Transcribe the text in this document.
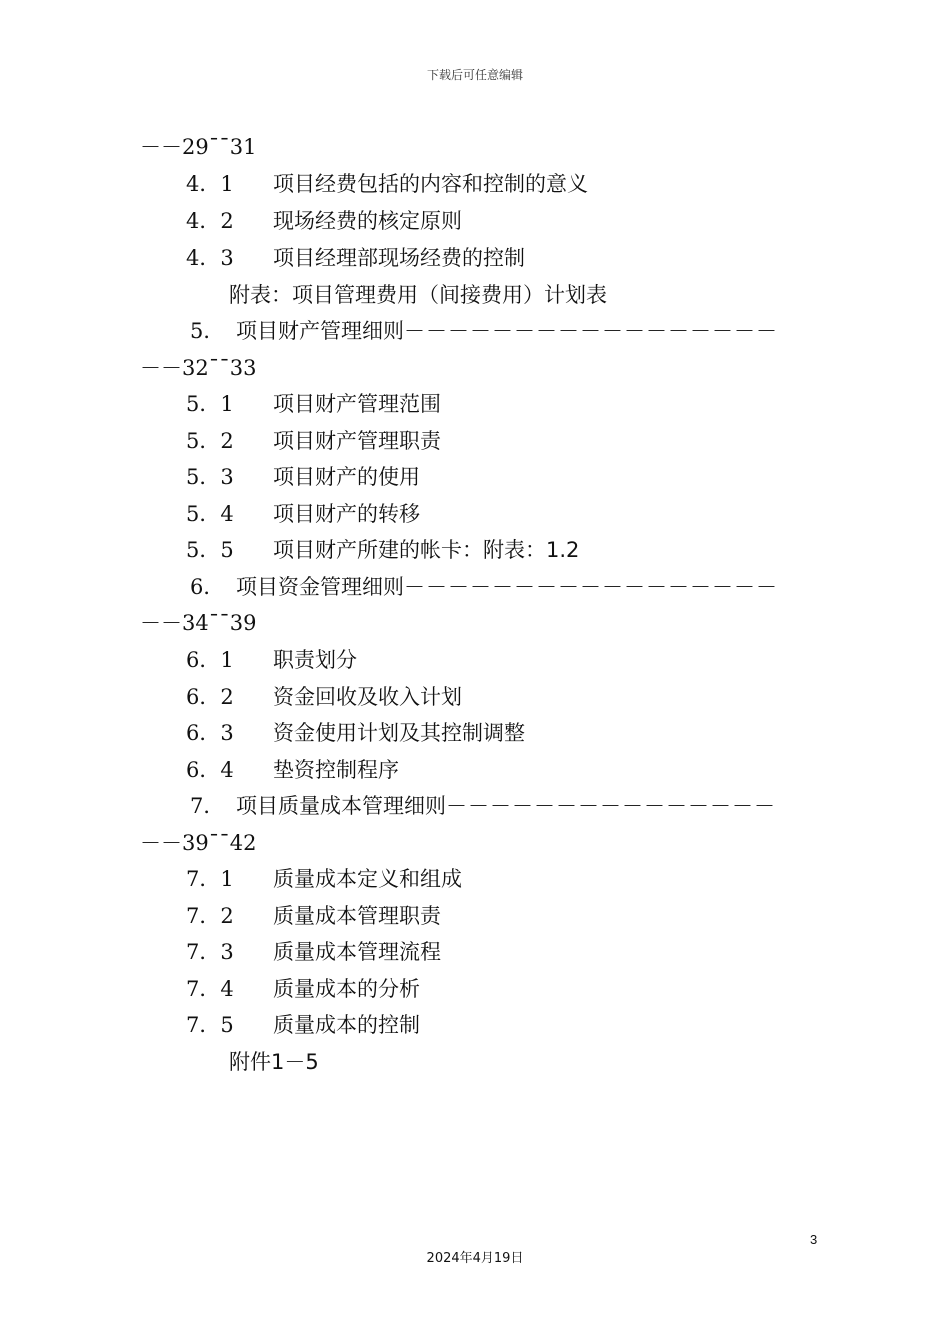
下载后可任意编辑
－－29¯¯31
4．1 项目经费包括的内容和控制的意义
4．2 现场经费的核定原则
4．3 项目经理部现场经费的控制
附表：项目管理费用（间接费用）计划表
5． 项目财产管理细则－－－－－－－－－－－－－－－－－
－－32¯¯33
5．1 项目财产管理范围
5．2 项目财产管理职责
5．3 项目财产的使用
5．4 项目财产的转移
5．5 项目财产所建的帐卡：附表：1.2
6． 项目资金管理细则－－－－－－－－－－－－－－－－－
－－34¯¯39
6．1 职责划分
6．2 资金回收及收入计划
6．3 资金使用计划及其控制调整
6．4 垫资控制程序
7． 项目质量成本管理细则－－－－－－－－－－－－－－－
－－39¯¯42
7．1 质量成本定义和组成
7．2 质量成本管理职责
7．3 质量成本管理流程
7．4 质量成本的分析
7．5 质量成本的控制
附件1－5
3
2024年4月19日
